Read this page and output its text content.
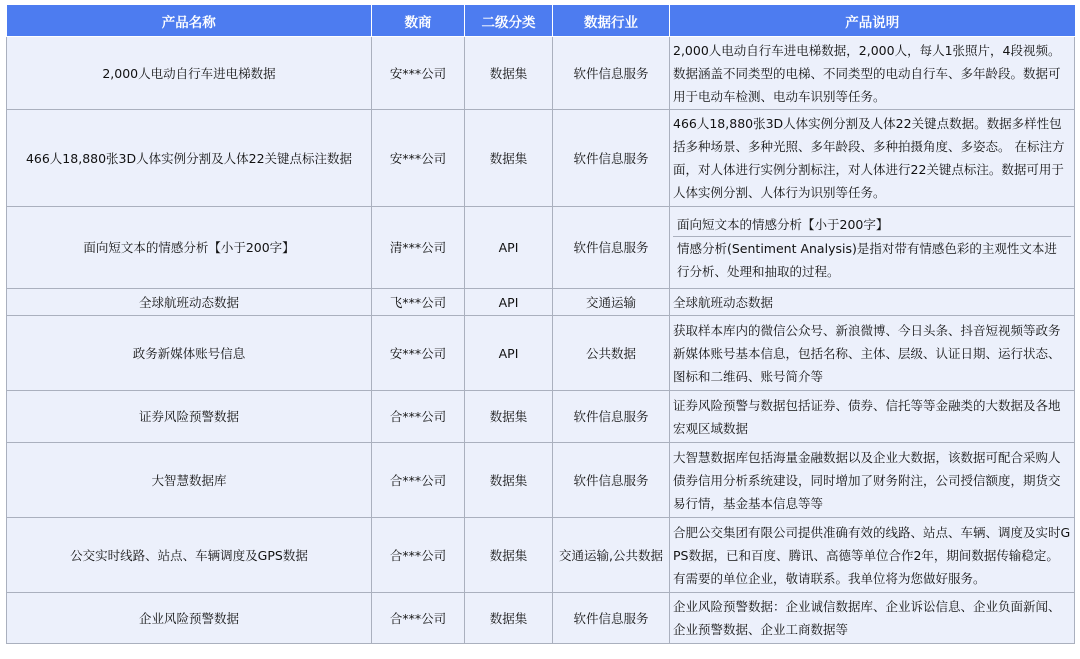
产品名称	数商	二级分类	数据行业	产品说明
2,000人电动自行车进电梯数据	安***公司	数据集	软件信息服务	2,000人电动自行车进电梯数据，2,000人，每人1张照片，4段视频。数据涵盖不同类型的电梯、不同类型的电动自行车、多年龄段。数据可用于电动车检测、电动车识别等任务。
466人18,880张3D人体实例分割及人体22关键点标注数据	安***公司	数据集	软件信息服务	466人18,880张3D人体实例分割及人体22关键点数据。数据多样性包括多种场景、多种光照、多年龄段、多种拍摄角度、多姿态。 在标注方面，对人体进行实例分割标注，对人体进行22关键点标注。数据可用于人体实例分割、人体行为识别等任务。
面向短文本的情感分析【小于200字】	清***公司	API	软件信息服务	面向短文本的情感分析【小于200字】
情感分析(Sentiment Analysis)是指对带有情感色彩的主观性文本进行分析、处理和抽取的过程。

全球航班动态数据	飞***公司	API	交通运输	全球航班动态数据
政务新媒体账号信息	安***公司	API	公共数据	获取样本库内的微信公众号、新浪微博、今日头条、抖音短视频等政务新媒体账号基本信息，包括名称、主体、层级、认证日期、运行状态、图标和二维码、账号简介等
证券风险预警数据	合***公司	数据集	软件信息服务	证券风险预警与数据包括证券、债券、信托等等金融类的大数据及各地宏观区域数据
大智慧数据库	合***公司	数据集	软件信息服务	大智慧数据库包括海量金融数据以及企业大数据，该数据可配合采购人债券信用分析系统建设，同时增加了财务附注，公司授信额度，期货交易行情，基金基本信息等等
公交实时线路、站点、车辆调度及GPS数据	合***公司	数据集	交通运输,公共数据	合肥公交集团有限公司提供准确有效的线路、站点、车辆、调度及实时GPS数据，已和百度、腾讯、高德等单位合作2年，期间数据传输稳定。有需要的单位企业，敬请联系。我单位将为您做好服务。
企业风险预警数据	合***公司	数据集	软件信息服务	企业风险预警数据：企业诚信数据库、企业诉讼信息、企业负面新闻、企业预警数据、企业工商数据等
